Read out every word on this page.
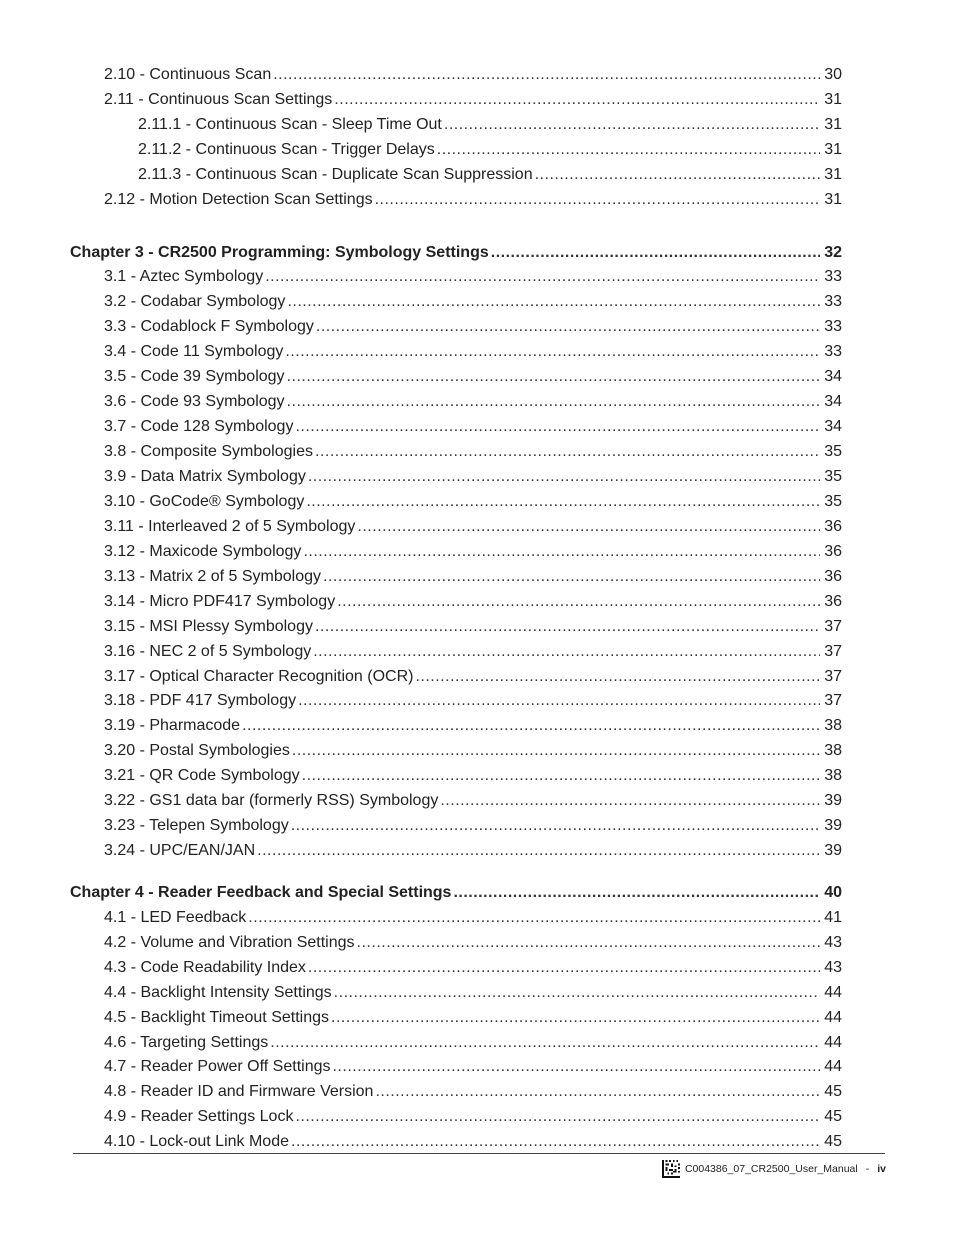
2.10 - Continuous Scan .....	30
2.11 - Continuous Scan Settings .....	31
2.11.1 - Continuous Scan - Sleep Time Out .....	31
2.11.2 - Continuous Scan - Trigger Delays .....	31
2.11.3 - Continuous Scan - Duplicate Scan Suppression .....	31
2.12 - Motion Detection Scan Settings .....	31
Chapter 3 - CR2500 Programming: Symbology Settings .....	32
3.1 - Aztec Symbology .....	33
3.2 - Codabar Symbology .....	33
3.3 - Codablock F Symbology .....	33
3.4 - Code 11 Symbology .....	33
3.5 - Code 39 Symbology .....	34
3.6 - Code 93 Symbology .....	34
3.7 - Code 128 Symbology .....	34
3.8 - Composite Symbologies .....	35
3.9 - Data Matrix Symbology .....	35
3.10 - GoCode® Symbology .....	35
3.11 - Interleaved 2 of 5 Symbology .....	36
3.12 - Maxicode Symbology .....	36
3.13 - Matrix 2 of 5 Symbology .....	36
3.14 - Micro PDF417 Symbology .....	36
3.15 - MSI Plessy Symbology .....	37
3.16 - NEC 2 of 5 Symbology .....	37
3.17 - Optical Character Recognition (OCR) .....	37
3.18 - PDF 417 Symbology .....	37
3.19 - Pharmacode .....	38
3.20 - Postal Symbologies .....	38
3.21 - QR Code Symbology .....	38
3.22 - GS1 data bar (formerly RSS) Symbology .....	39
3.23 - Telepen Symbology .....	39
3.24 - UPC/EAN/JAN .....	39
Chapter 4 - Reader Feedback and Special Settings .....	40
4.1 - LED Feedback .....	41
4.2 - Volume and Vibration Settings .....	43
4.3 - Code Readability Index .....	43
4.4 - Backlight Intensity Settings .....	44
4.5 - Backlight Timeout Settings .....	44
4.6 - Targeting Settings .....	44
4.7 - Reader Power Off Settings .....	44
4.8 - Reader ID and Firmware Version .....	45
4.9 - Reader Settings Lock .....	45
4.10 - Lock-out Link Mode .....	45
C004386_07_CR2500_User_Manual - iv
